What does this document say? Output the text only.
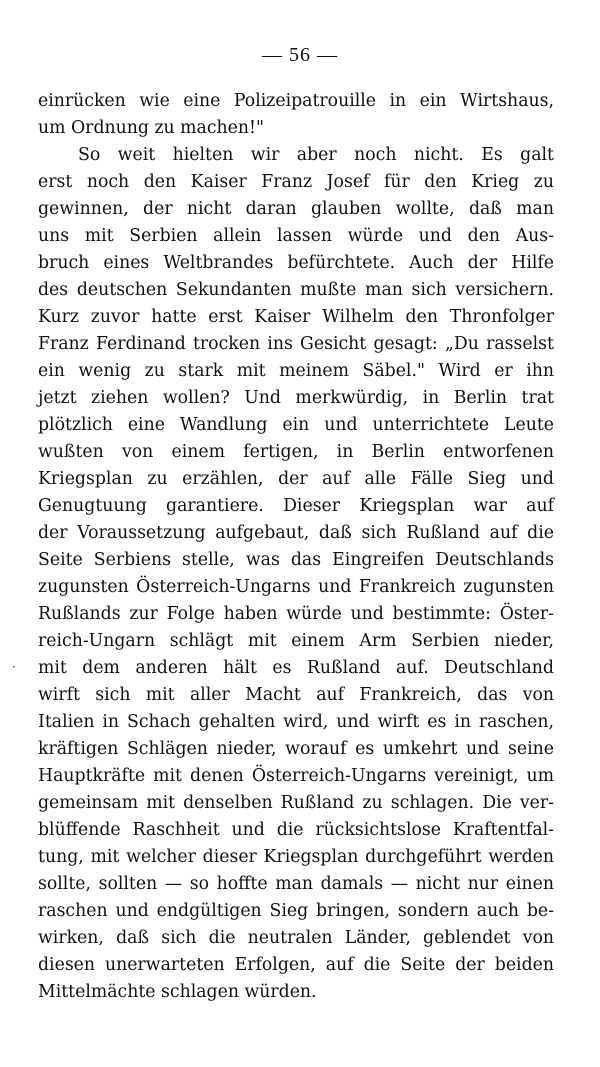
— 56 —
·
einrücken wie eine Polizeipatrouille in ein Wirtshaus,
um Ordnung zu machen!"
So weit hielten wir aber noch nicht. Es galt
erst noch den Kaiser Franz Josef für den Krieg zu
gewinnen, der nicht daran glauben wollte, daß man
uns mit Serbien allein lassen würde und den Aus-
bruch eines Weltbrandes befürchtete. Auch der Hilfe
des deutschen Sekundanten mußte man sich versichern.
Kurz zuvor hatte erst Kaiser Wilhelm den Thronfolger
Franz Ferdinand trocken ins Gesicht gesagt: „Du rasselst
ein wenig zu stark mit meinem Säbel." Wird er ihn
jetzt ziehen wollen? Und merkwürdig, in Berlin trat
plötzlich eine Wandlung ein und unterrichtete Leute
wußten von einem fertigen, in Berlin entworfenen
Kriegsplan zu erzählen, der auf alle Fälle Sieg und
Genugtuung garantiere. Dieser Kriegsplan war auf
der Voraussetzung aufgebaut, daß sich Rußland auf die
Seite Serbiens stelle, was das Eingreifen Deutschlands
zugunsten Österreich-Ungarns und Frankreich zugunsten
Rußlands zur Folge haben würde und bestimmte: Öster-
reich-Ungarn schlägt mit einem Arm Serbien nieder,
mit dem anderen hält es Rußland auf. Deutschland
wirft sich mit aller Macht auf Frankreich, das von
Italien in Schach gehalten wird, und wirft es in raschen,
kräftigen Schlägen nieder, worauf es umkehrt und seine
Hauptkräfte mit denen Österreich-Ungarns vereinigt, um
gemeinsam mit denselben Rußland zu schlagen. Die ver-
blüffende Raschheit und die rücksichtslose Kraftentfal-
tung, mit welcher dieser Kriegsplan durchgeführt werden
sollte, sollten — so hoffte man damals — nicht nur einen
raschen und endgültigen Sieg bringen, sondern auch be-
wirken, daß sich die neutralen Länder, geblendet von
diesen unerwarteten Erfolgen, auf die Seite der beiden
Mittelmächte schlagen würden.
